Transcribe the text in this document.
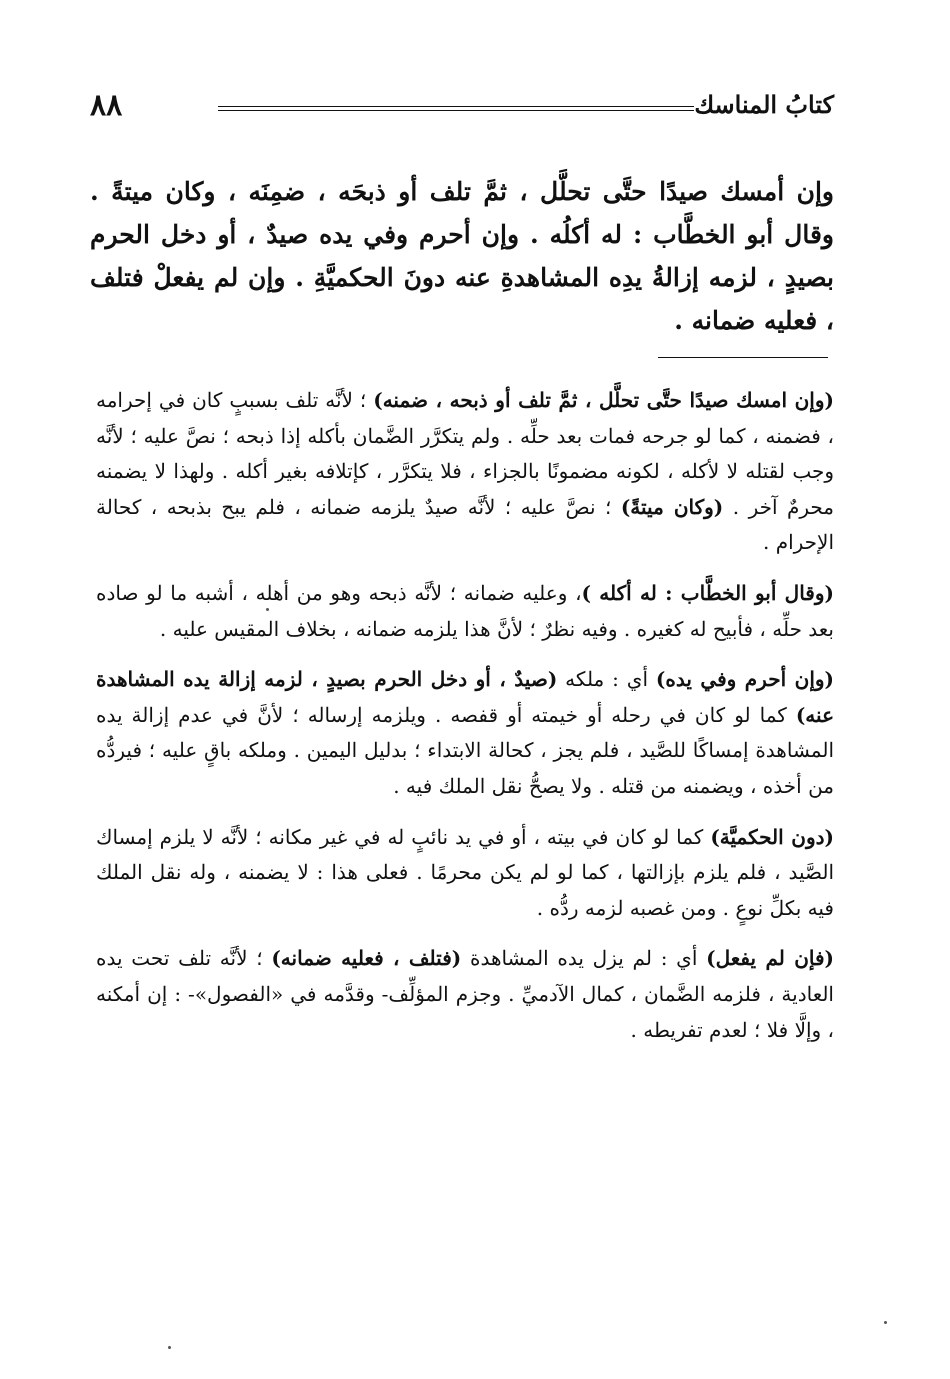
٨٨	كتابُ المناسك
وإن أمسك صيدًا حتَّى تحلَّل ، ثمَّ تلف أو ذبحَه ، ضمِنَه ، وكان ميتةً . وقال أبو الخطَّاب : له أكلُه . وإن أحرم وفي يده صيدٌ ، أو دخل الحرم بصيدٍ ، لزمه إزالةُ يدِه المشاهدةِ عنه دونَ الحكميَّةِ . وإن لم يفعلْ فتلف ، فعليه ضمانه .

(وإن امسك صيدًا حتَّى تحلَّل ، ثمَّ تلف أو ذبحه ، ضمنه) ؛ لأنَّه تلف بسببٍ كان في إحرامه ، فضمنه ، كما لو جرحه فمات بعد حلِّه . ولم يتكرَّر الضَّمان بأكله إذا ذبحه ؛ نصَّ عليه ؛ لأنَّه وجب لقتله لا لأكله ، لكونه مضمونًا بالجزاء ، فلا يتكرَّر ، كإتلافه بغير أكله . ولهذا لا يضمنه محرمٌ آخر . (وكان ميتةً) ؛ نصَّ عليه ؛ لأنَّه صيدٌ يلزمه ضمانه ، فلم يبح بذبحه ، كحالة الإحرام .

(وقال أبو الخطَّاب : له أكله )، وعليه ضمانه ؛ لأنَّه ذبحه وهو من أهله ، أشبه ما لو صاده بعد حلِّه ، فأبيح له كغيره . وفيه نظرٌ ؛ لأنَّ هذا يلزمه ضمانه ، بخلاف المقيس عليه .

(وإن أحرم وفي يده) أي : ملكه (صيدٌ ، أو دخل الحرم بصيدٍ ، لزمه إزالة يده المشاهدة عنه) كما لو كان في رحله أو خيمته أو قفصه . ويلزمه إرساله ؛ لأنَّ في عدم إزالة يده المشاهدة إمساكًا للصَّيد ، فلم يجز ، كحالة الابتداء ؛ بدليل اليمين . وملكه باقٍ عليه ؛ فيردُّه من أخذه ، ويضمنه من قتله . ولا يصحُّ نقل الملك فيه .

(دون الحكميَّة) كما لو كان في بيته ، أو في يد نائبٍ له في غير مكانه ؛ لأنَّه لا يلزم إمساك الصَّيد ، فلم يلزم بإزالتها ، كما لو لم يكن محرمًا . فعلى هذا : لا يضمنه ، وله نقل الملك فيه بكلِّ نوعٍ . ومن غصبه لزمه ردُّه .

(فإن لم يفعل) أي : لم يزل يده المشاهدة (فتلف ، فعليه ضمانه) ؛ لأنَّه تلف تحت يده العادية ، فلزمه الضَّمان ، كمال الآدميِّ . وجزم المؤلِّف- وقدَّمه في «الفصول»- : إن أمكنه ، وإلَّا فلا ؛ لعدم تفريطه .
